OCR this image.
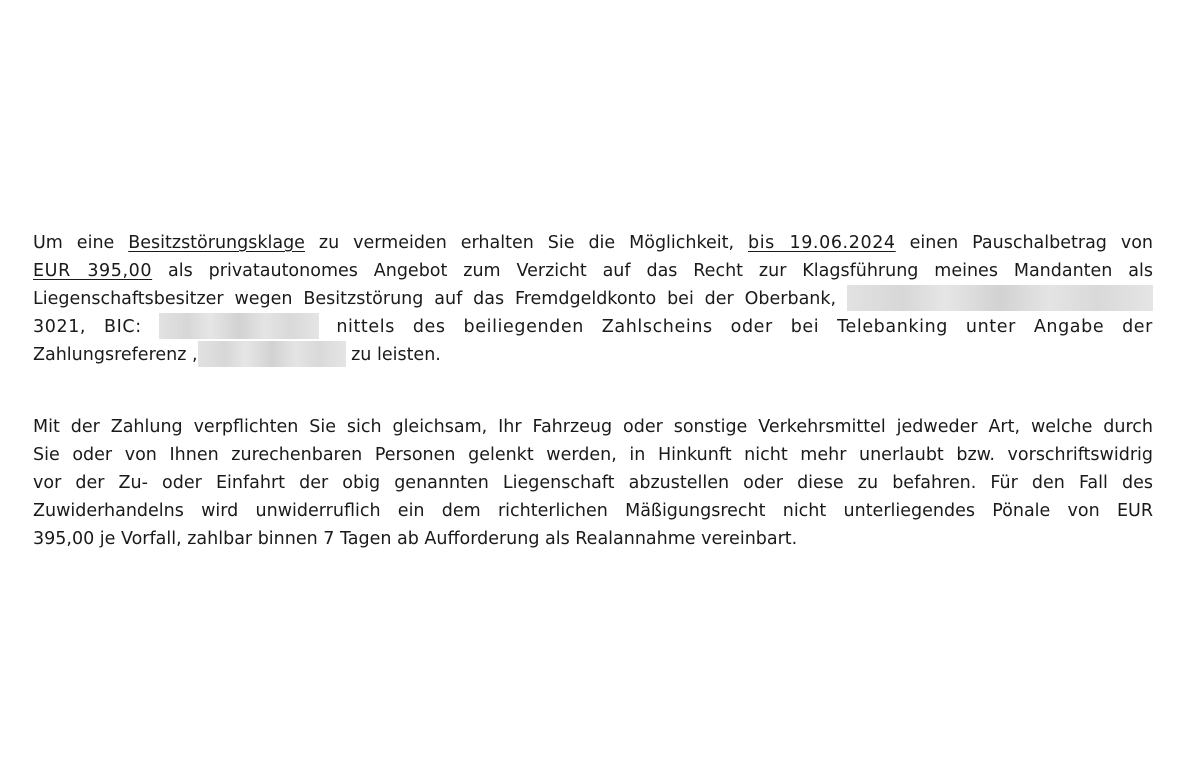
Um eine Besitzstörungsklage zu vermeiden erhalten Sie die Möglichkeit, bis 19.06.2024 einen Pauschalbetrag von
EUR 395,00 als privatautonomes Angebot zum Verzicht auf das Recht zur Klagsführung meines Mandanten als
Liegenschaftsbesitzer wegen Besitzstörung auf das Fremdgeldkonto bei der Oberbank,
3021, BIC:	nittels des beiliegenden Zahlscheins oder bei Telebanking unter Angabe der
Zahlungsreferenz ,	zu leisten.
Mit der Zahlung verpflichten Sie sich gleichsam, Ihr Fahrzeug oder sonstige Verkehrsmittel jedweder Art, welche durch
Sie oder von Ihnen zurechenbaren Personen gelenkt werden, in Hinkunft nicht mehr unerlaubt bzw. vorschriftswidrig
vor der Zu- oder Einfahrt der obig genannten Liegenschaft abzustellen oder diese zu befahren. Für den Fall des
Zuwiderhandelns wird unwiderruflich ein dem richterlichen Mäßigungsrecht nicht unterliegendes Pönale von EUR
395,00 je Vorfall, zahlbar binnen 7 Tagen ab Aufforderung als Realannahme vereinbart.
